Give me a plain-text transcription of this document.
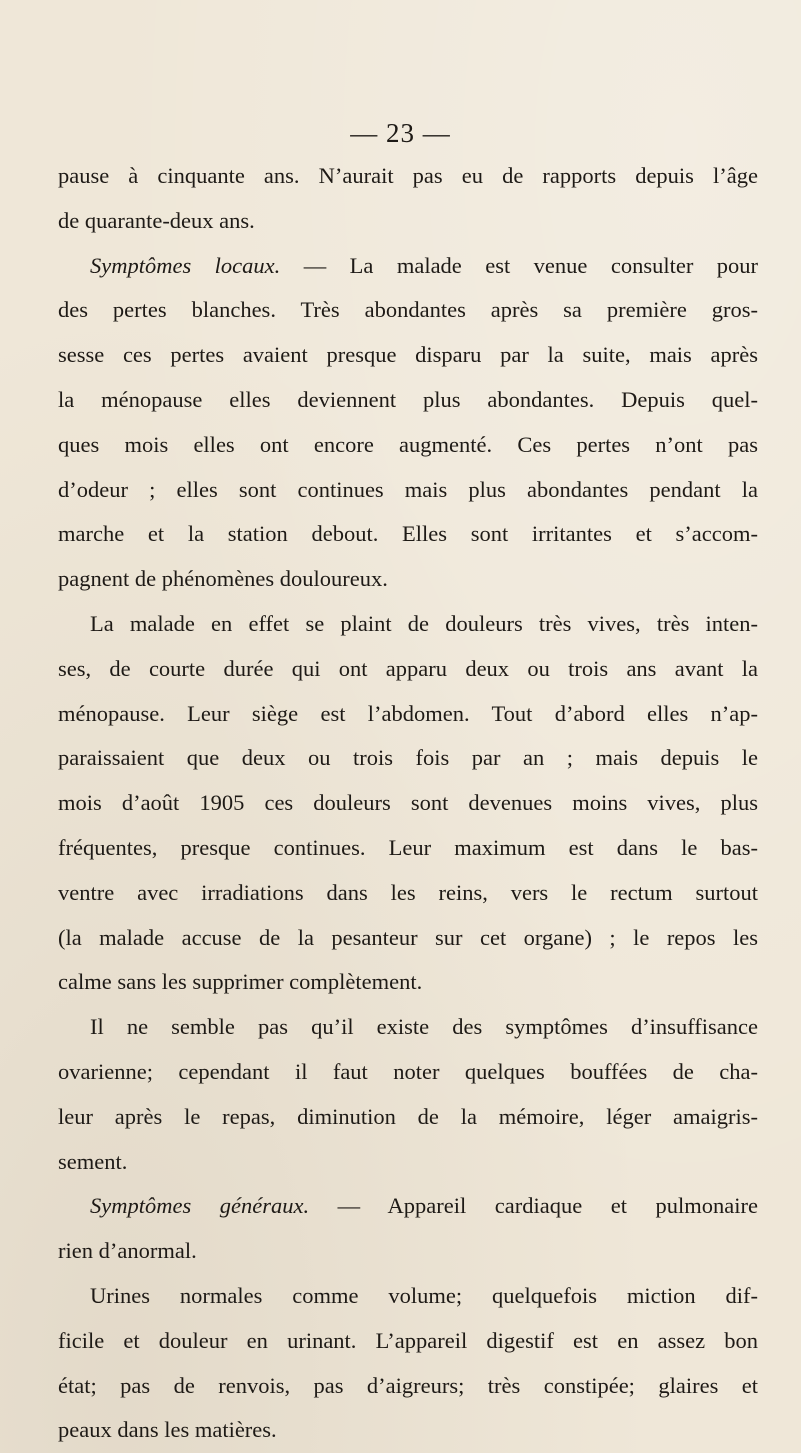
— 23 —

pause à cinquante ans. N’aurait pas eu de rapports depuis l’âge

de quarante-deux ans.

Symptômes locaux. — La malade est venue consulter pour

des pertes blanches. Très abondantes après sa première gros-

sesse ces pertes avaient presque disparu par la suite, mais après

la ménopause elles deviennent plus abondantes. Depuis quel-

ques mois elles ont encore augmenté. Ces pertes n’ont pas

d’odeur ; elles sont continues mais plus abondantes pendant la

marche et la station debout. Elles sont irritantes et s’accom-

pagnent de phénomènes douloureux.

La malade en effet se plaint de douleurs très vives, très inten-

ses, de courte durée qui ont apparu deux ou trois ans avant la

ménopause. Leur siège est l’abdomen. Tout d’abord elles n’ap-

paraissaient que deux ou trois fois par an ; mais depuis le

mois d’août 1905 ces douleurs sont devenues moins vives, plus

fréquentes, presque continues. Leur maximum est dans le bas-

ventre avec irradiations dans les reins, vers le rectum surtout

(la malade accuse de la pesanteur sur cet organe) ; le repos les

calme sans les supprimer complètement.

Il ne semble pas qu’il existe des symptômes d’insuffisance

ovarienne; cependant il faut noter quelques bouffées de cha-

leur après le repas, diminution de la mémoire, léger amaigris-

sement.

Symptômes généraux. — Appareil cardiaque et pulmonaire

rien d’anormal.

Urines normales comme volume; quelquefois miction dif-

ficile et douleur en urinant. L’appareil digestif est en assez bon

état; pas de renvois, pas d’aigreurs; très constipée; glaires et

peaux dans les matières.
